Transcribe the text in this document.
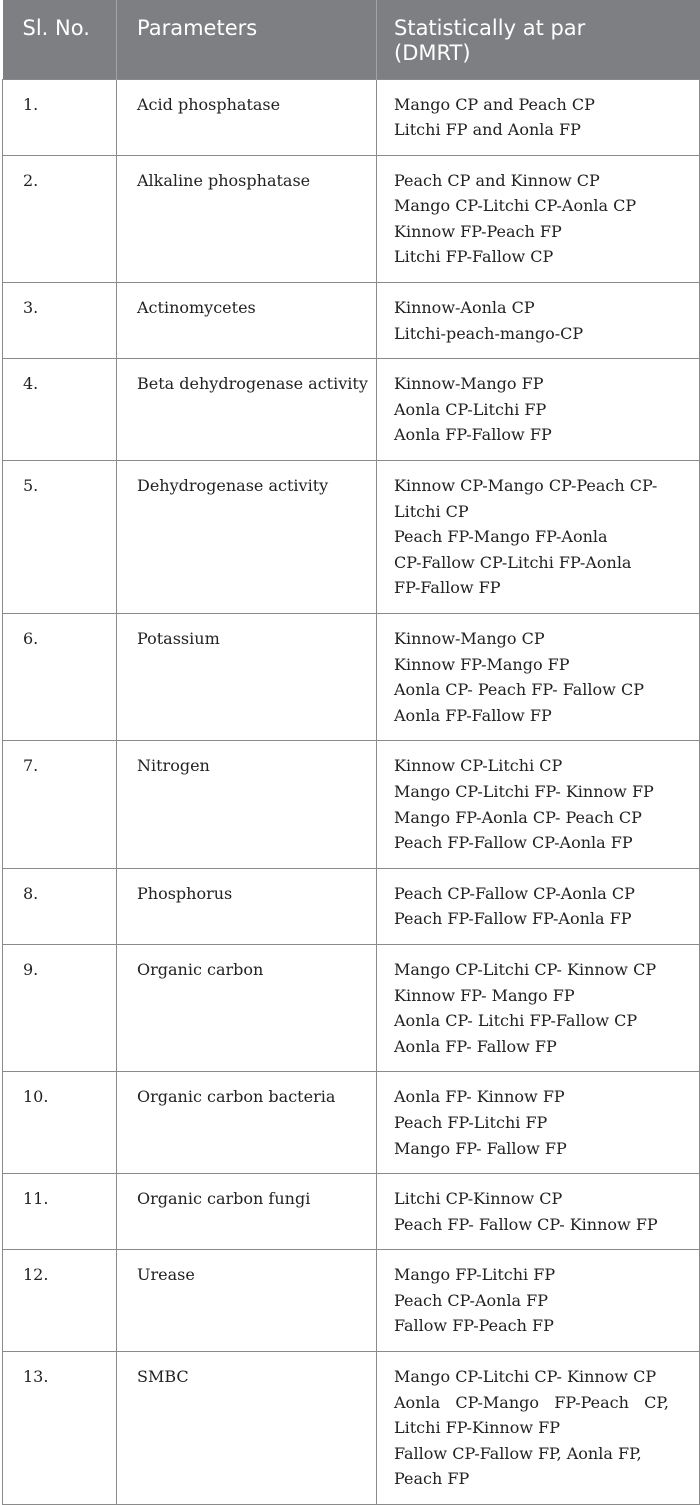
Sl. No.	Parameters	Statistically at par
(DMRT)
1.	Acid phosphatase	Mango CP and Peach CP
Litchi FP and Aonla FP

2.	Alkaline phosphatase	Peach CP and Kinnow CP
Mango CP-Litchi CP-Aonla CP
Kinnow FP-Peach FP
Litchi FP-Fallow CP

3.	Actinomycetes	Kinnow-Aonla CP
Litchi-peach-mango-CP

4.	Beta dehydrogenase activity	Kinnow-Mango FP
Aonla CP-Litchi FP
Aonla FP-Fallow FP

5.	Dehydrogenase activity	Kinnow CP-Mango CP-Peach CP-
Litchi CP
Peach FP-Mango FP-Aonla
CP-Fallow CP-Litchi FP-Aonla
FP-Fallow FP

6.	Potassium	Kinnow-Mango CP
Kinnow FP-Mango FP
Aonla CP- Peach FP- Fallow CP
Aonla FP-Fallow FP

7.	Nitrogen	Kinnow CP-Litchi CP
Mango CP-Litchi FP- Kinnow FP
Mango FP-Aonla CP- Peach CP
Peach FP-Fallow CP-Aonla FP

8.	Phosphorus	Peach CP-Fallow CP-Aonla CP
Peach FP-Fallow FP-Aonla FP

9.	Organic carbon	Mango CP-Litchi CP- Kinnow CP
Kinnow FP- Mango FP
Aonla CP- Litchi FP-Fallow CP
Aonla FP- Fallow FP

10.	Organic carbon bacteria	Aonla FP- Kinnow FP
Peach FP-Litchi FP
Mango FP- Fallow FP

11.	Organic carbon fungi	Litchi CP-Kinnow CP
Peach FP- Fallow CP- Kinnow FP

12.	Urease	Mango FP-Litchi FP
Peach CP-Aonla FP
Fallow FP-Peach FP

13.	SMBC	Mango CP-Litchi CP- Kinnow CP
Aonla CP-Mango FP-Peach CP,
Litchi FP-Kinnow FP
Fallow CP-Fallow FP, Aonla FP,
Peach FP
